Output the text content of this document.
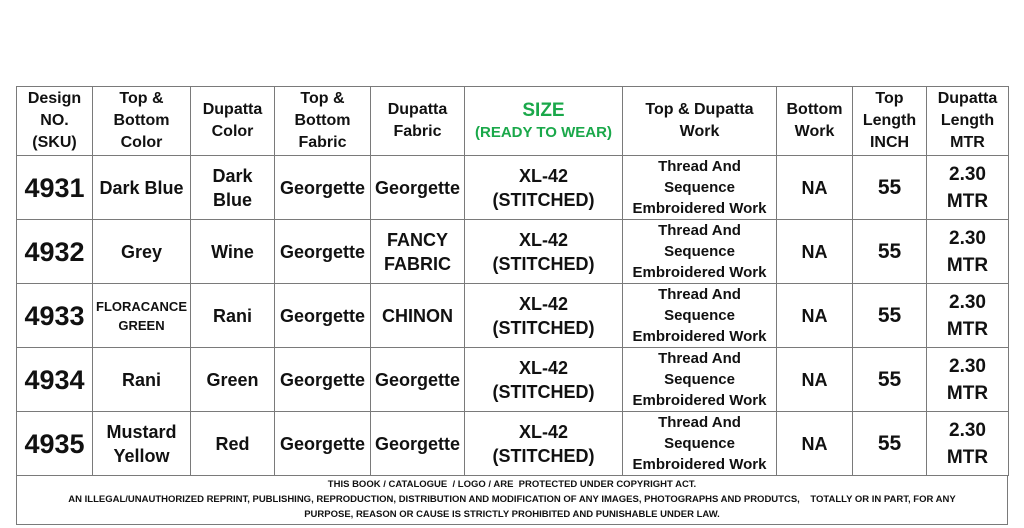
Design
NO.
(SKU)	Top &
Bottom
Color	Dupatta
Color	Top &
Bottom
Fabric	Dupatta
Fabric	SIZE
(READY TO WEAR)	Top & Dupatta
Work	Bottom
Work	Top
Length
INCH	Dupatta
Length
MTR

4931	Dark Blue	Dark
Blue	Georgette	Georgette	XL-42
(STITCHED)	Thread And
Sequence
Embroidered Work	NA	55	2.30
MTR

4932	Grey	Wine	Georgette	FANCY
FABRIC	XL-42
(STITCHED)	Thread And
Sequence
Embroidered Work	NA	55	2.30
MTR

4933	FLORACANCE
GREEN	Rani	Georgette	CHINON	XL-42
(STITCHED)	Thread And
Sequence
Embroidered Work	NA	55	2.30
MTR

4934	Rani	Green	Georgette	Georgette	XL-42
(STITCHED)	Thread And
Sequence
Embroidered Work	NA	55	2.30
MTR

4935	Mustard
Yellow	Red	Georgette	Georgette	XL-42
(STITCHED)	Thread And
Sequence
Embroidered Work	NA	55	2.30
MTR
THIS BOOK / CATALOGUE  / LOGO / ARE  PROTECTED UNDER COPYRIGHT ACT.
AN ILLEGAL/UNAUTHORIZED REPRINT, PUBLISHING, REPRODUCTION, DISTRIBUTION AND MODIFICATION OF ANY IMAGES, PHOTOGRAPHS AND PRODUTCS,    TOTALLY OR IN PART, FOR ANY
PURPOSE, REASON OR CAUSE IS STRICTLY PROHIBITED AND PUNISHABLE UNDER LAW.
